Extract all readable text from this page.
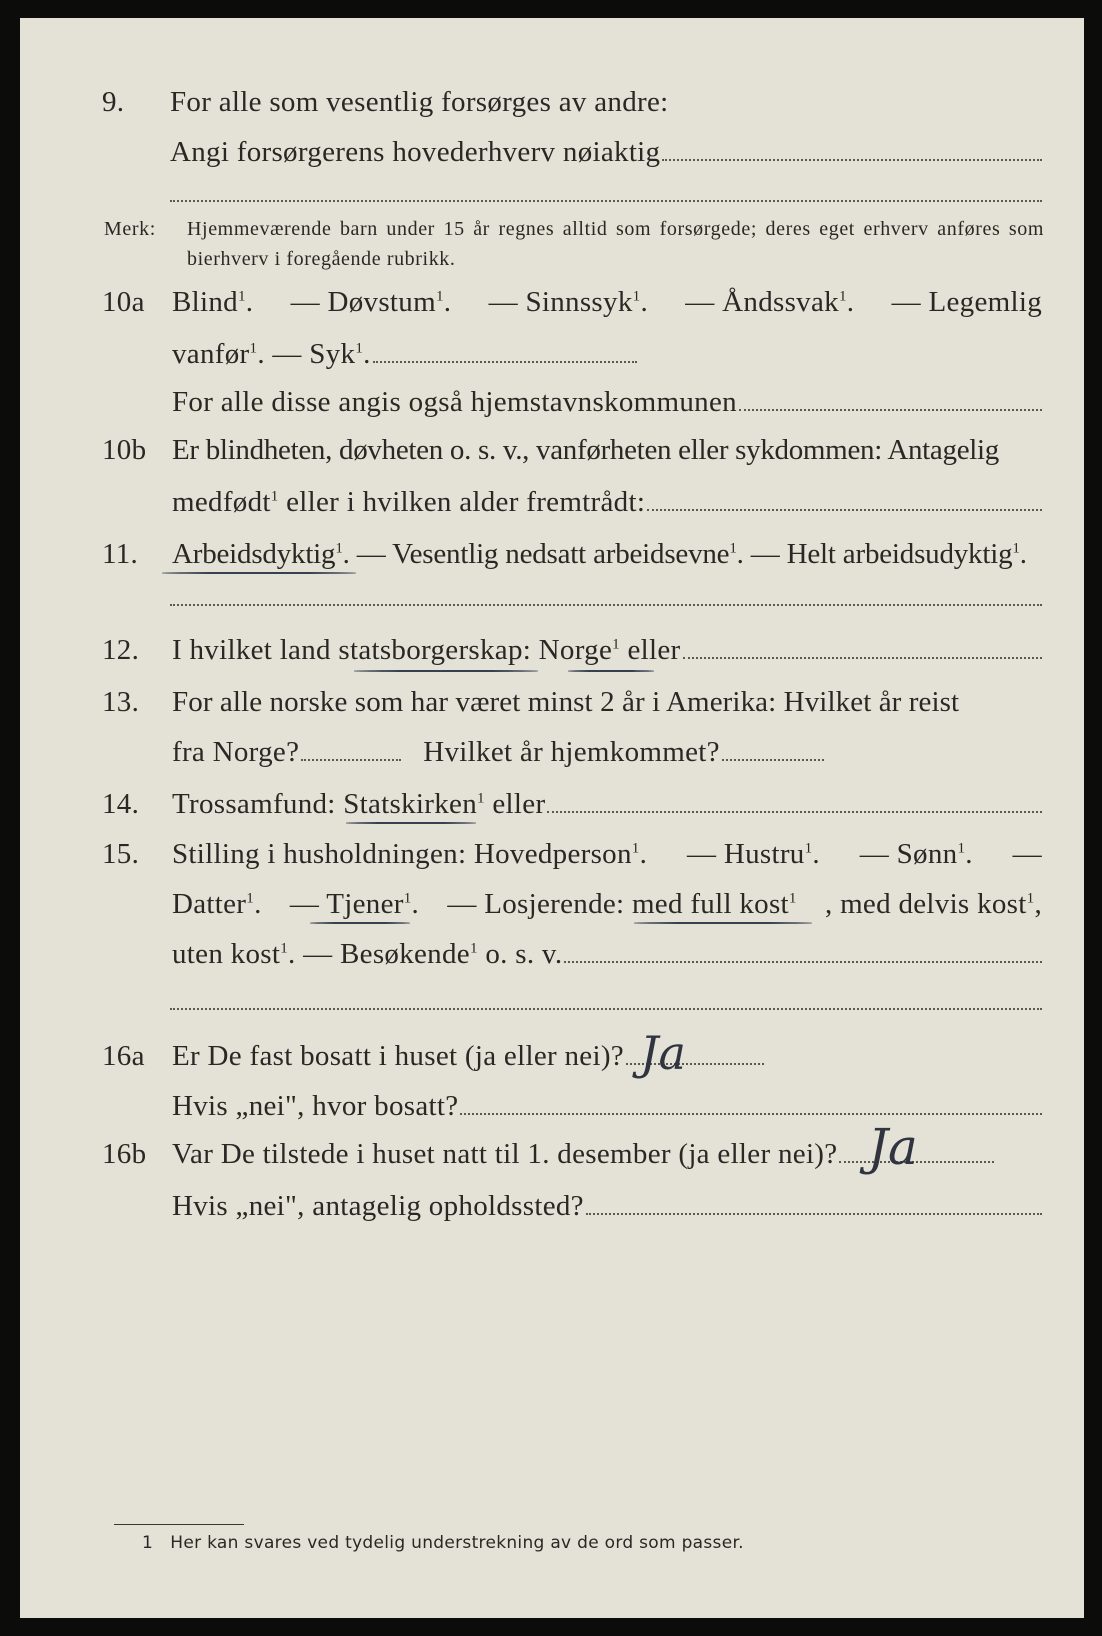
9. For alle som vesentlig forsørges av andre:
Angi forsørgerens hovederhverv nøiaktig
Merk: Hjemmeværende barn under 15 år regnes alltid som forsørgede; deres eget erhverv anføres som bierhverv i foregående rubrikk.
10a Blind$^1$. — Døvstum$^1$. — Sinnssyk$^1$. — Åndssvak$^1$. — Legemlig
vanfør$^1$. — Syk$^1$.
For alle disse angis også hjemstavnskommunen
10b Er blindheten, døvheten o. s. v., vanførheten eller sykdommen: Antagelig
medfødt$^1$ eller i hvilken alder fremtrådt:
11. Arbeidsdyktig$^1$. — Vesentlig nedsatt arbeidsevne$^1$. — Helt arbeidsudyktig$^1$.
12. I hvilket land statsborgerskap: Norge$^1$ eller
13. For alle norske som har været minst 2 år i Amerika: Hvilket år reist
fra Norge?	Hvilket år hjemkommet?
14. Trossamfund: Statskirken$^1$ eller
15. Stilling i husholdningen: Hovedperson$^1$. — Hustru$^1$. — Sønn$^1$. —
Datter$^1$. — Tjener$^1$. — Losjerende: med full kost$^1$ , med delvis kost$^1$,
uten kost$^1$. — Besøkende$^1$ o. s. v.
16a Er De fast bosatt i huset (ja eller nei)? Ja
Hvis „nei", hvor bosatt?
16b Var De tilstede i huset natt til 1. desember (ja eller nei)? Ja
Hvis „nei", antagelig opholdssted?
1 Her kan svares ved tydelig understrekning av de ord som passer.
